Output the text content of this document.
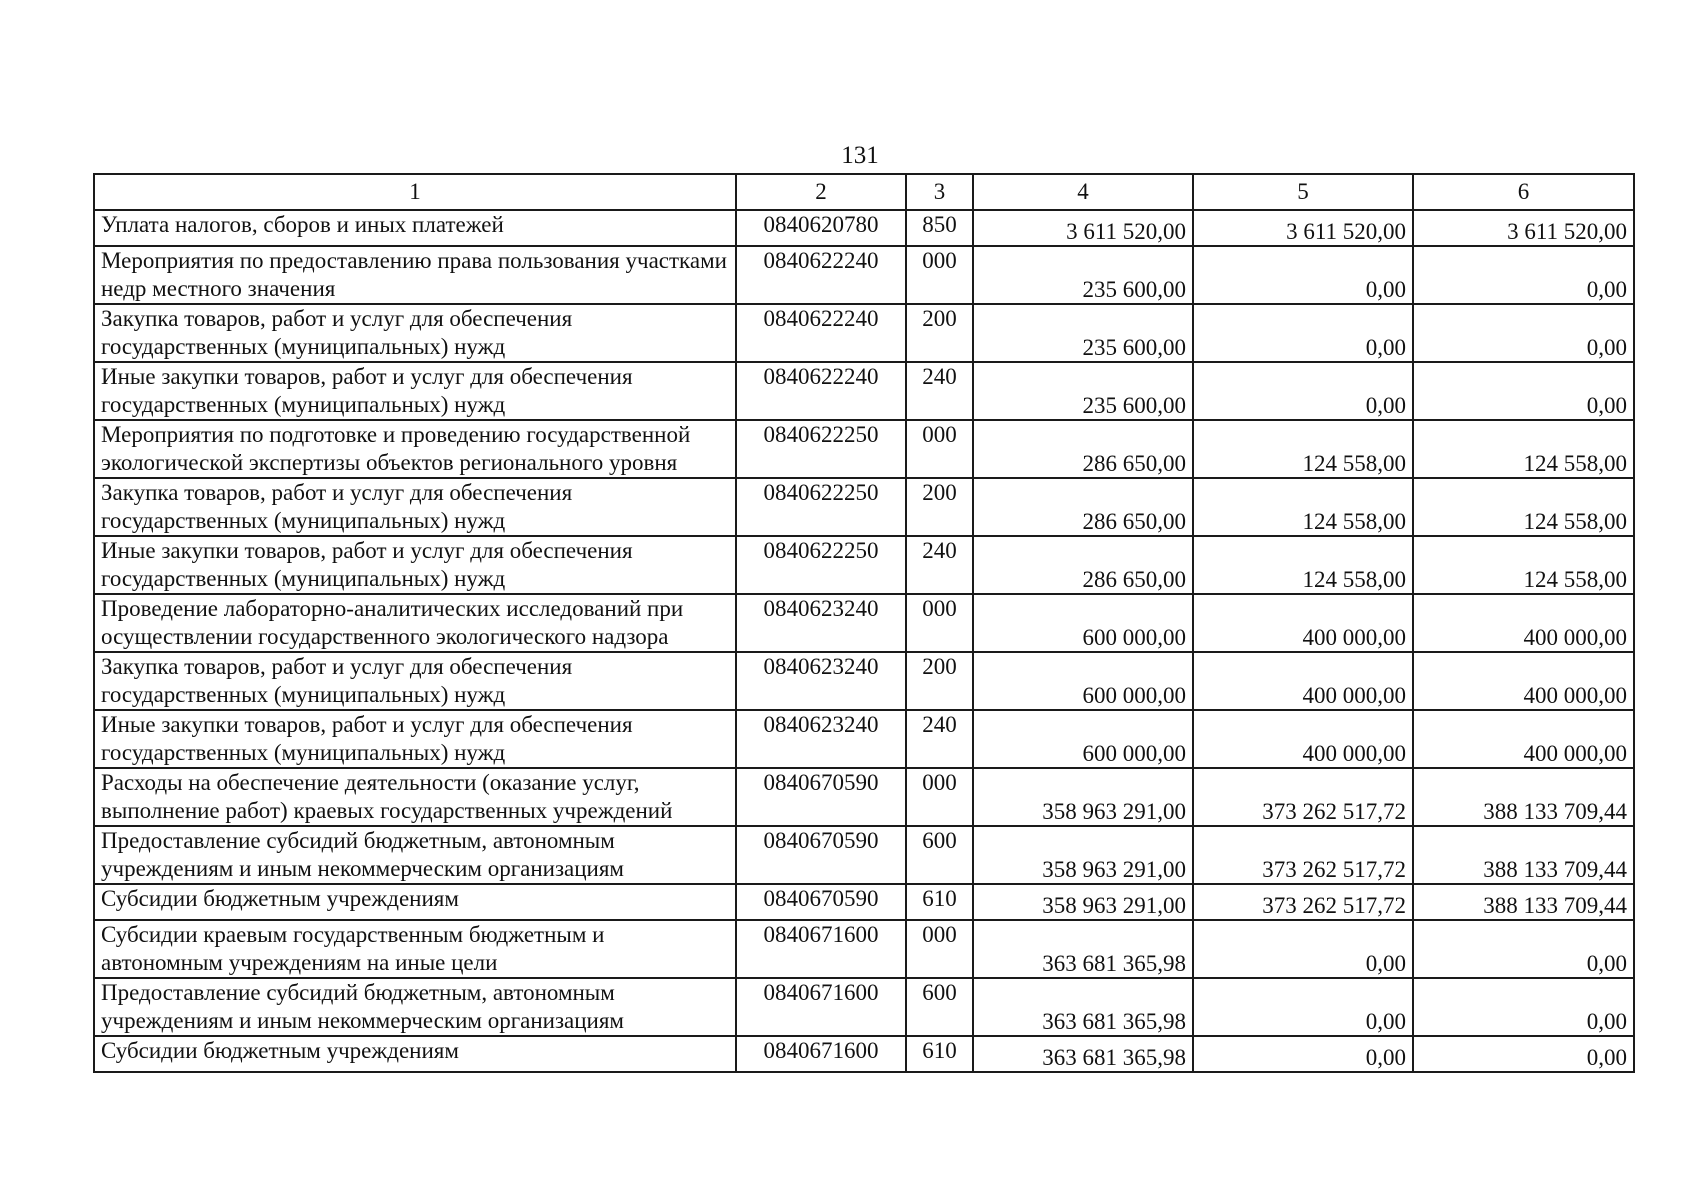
131
1	2	3	4	5	6
Уплата налогов, сборов и иных платежей	0840620780	850	3 611 520,00	3 611 520,00	3 611 520,00
Мероприятия по предоставлению права пользования участками недр местного значения	0840622240	000	235 600,00	0,00	0,00
Закупка товаров, работ и услуг для обеспечения государственных (муниципальных) нужд	0840622240	200	235 600,00	0,00	0,00
Иные закупки товаров, работ и услуг для обеспечения государственных (муниципальных) нужд	0840622240	240	235 600,00	0,00	0,00
Мероприятия по подготовке и проведению государственной экологической экспертизы объектов регионального уровня	0840622250	000	286 650,00	124 558,00	124 558,00
Закупка товаров, работ и услуг для обеспечения государственных (муниципальных) нужд	0840622250	200	286 650,00	124 558,00	124 558,00
Иные закупки товаров, работ и услуг для обеспечения государственных (муниципальных) нужд	0840622250	240	286 650,00	124 558,00	124 558,00
Проведение лабораторно-аналитических исследований при осуществлении государственного экологического надзора	0840623240	000	600 000,00	400 000,00	400 000,00
Закупка товаров, работ и услуг для обеспечения государственных (муниципальных) нужд	0840623240	200	600 000,00	400 000,00	400 000,00
Иные закупки товаров, работ и услуг для обеспечения государственных (муниципальных) нужд	0840623240	240	600 000,00	400 000,00	400 000,00
Расходы на обеспечение деятельности (оказание услуг, выполнение работ) краевых государственных учреждений	0840670590	000	358 963 291,00	373 262 517,72	388 133 709,44
Предоставление субсидий бюджетным, автономным учреждениям и иным некоммерческим организациям	0840670590	600	358 963 291,00	373 262 517,72	388 133 709,44
Субсидии бюджетным учреждениям	0840670590	610	358 963 291,00	373 262 517,72	388 133 709,44
Субсидии краевым государственным бюджетным и автономным учреждениям на иные цели	0840671600	000	363 681 365,98	0,00	0,00
Предоставление субсидий бюджетным, автономным учреждениям и иным некоммерческим организациям	0840671600	600	363 681 365,98	0,00	0,00
Субсидии бюджетным учреждениям	0840671600	610	363 681 365,98	0,00	0,00
